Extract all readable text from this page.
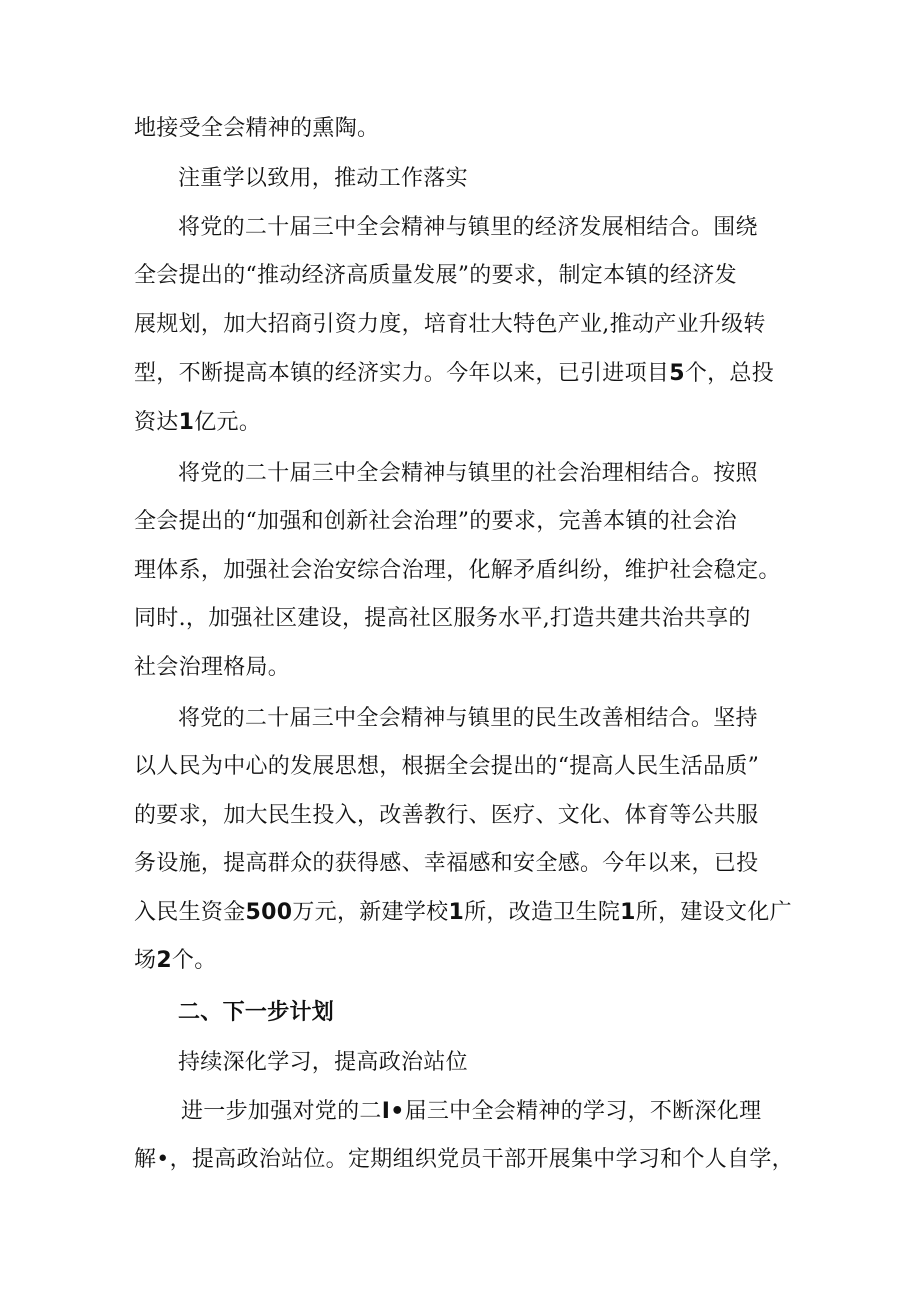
地接受全会精神的熏陶。
注重学以致用，推动工作落实
将党的二十届三中全会精神与镇里的经济发展相结合。围绕
全会提出的“推动经济高质量发展”的要求，制定本镇的经济发
展规划，加大招商引资力度，培育壮大特色产业,推动产业升级转
型，不断提高本镇的经济实力。今年以来，已引进项目5个，总投
资达1亿元。
将党的二十届三中全会精神与镇里的社会治理相结合。按照
全会提出的“加强和创新社会治理”的要求，完善本镇的社会治
理体系，加强社会治安综合治理，化解矛盾纠纷，维护社会稳定。
同时.，加强社区建设，提高社区服务水平,打造共建共治共享的
社会治理格局。
将党的二十届三中全会精神与镇里的民生改善相结合。坚持
以人民为中心的发展思想，根据全会提出的“提高人民生活品质”
的要求，加大民生投入，改善教行、医疗、文化、体育等公共服
务设施，提高群众的获得感、幸福感和安全感。今年以来，已投
入民生资金500万元，新建学校1所，改造卫生院1所，建设文化广
场2个。
二、下一步计划
持续深化学习，提高政治站位
进一步加强对党的二I•届三中全会精神的学习，不断深化理
解•，提高政治站位。定期组织党员干部开展集中学习和个人自学，
